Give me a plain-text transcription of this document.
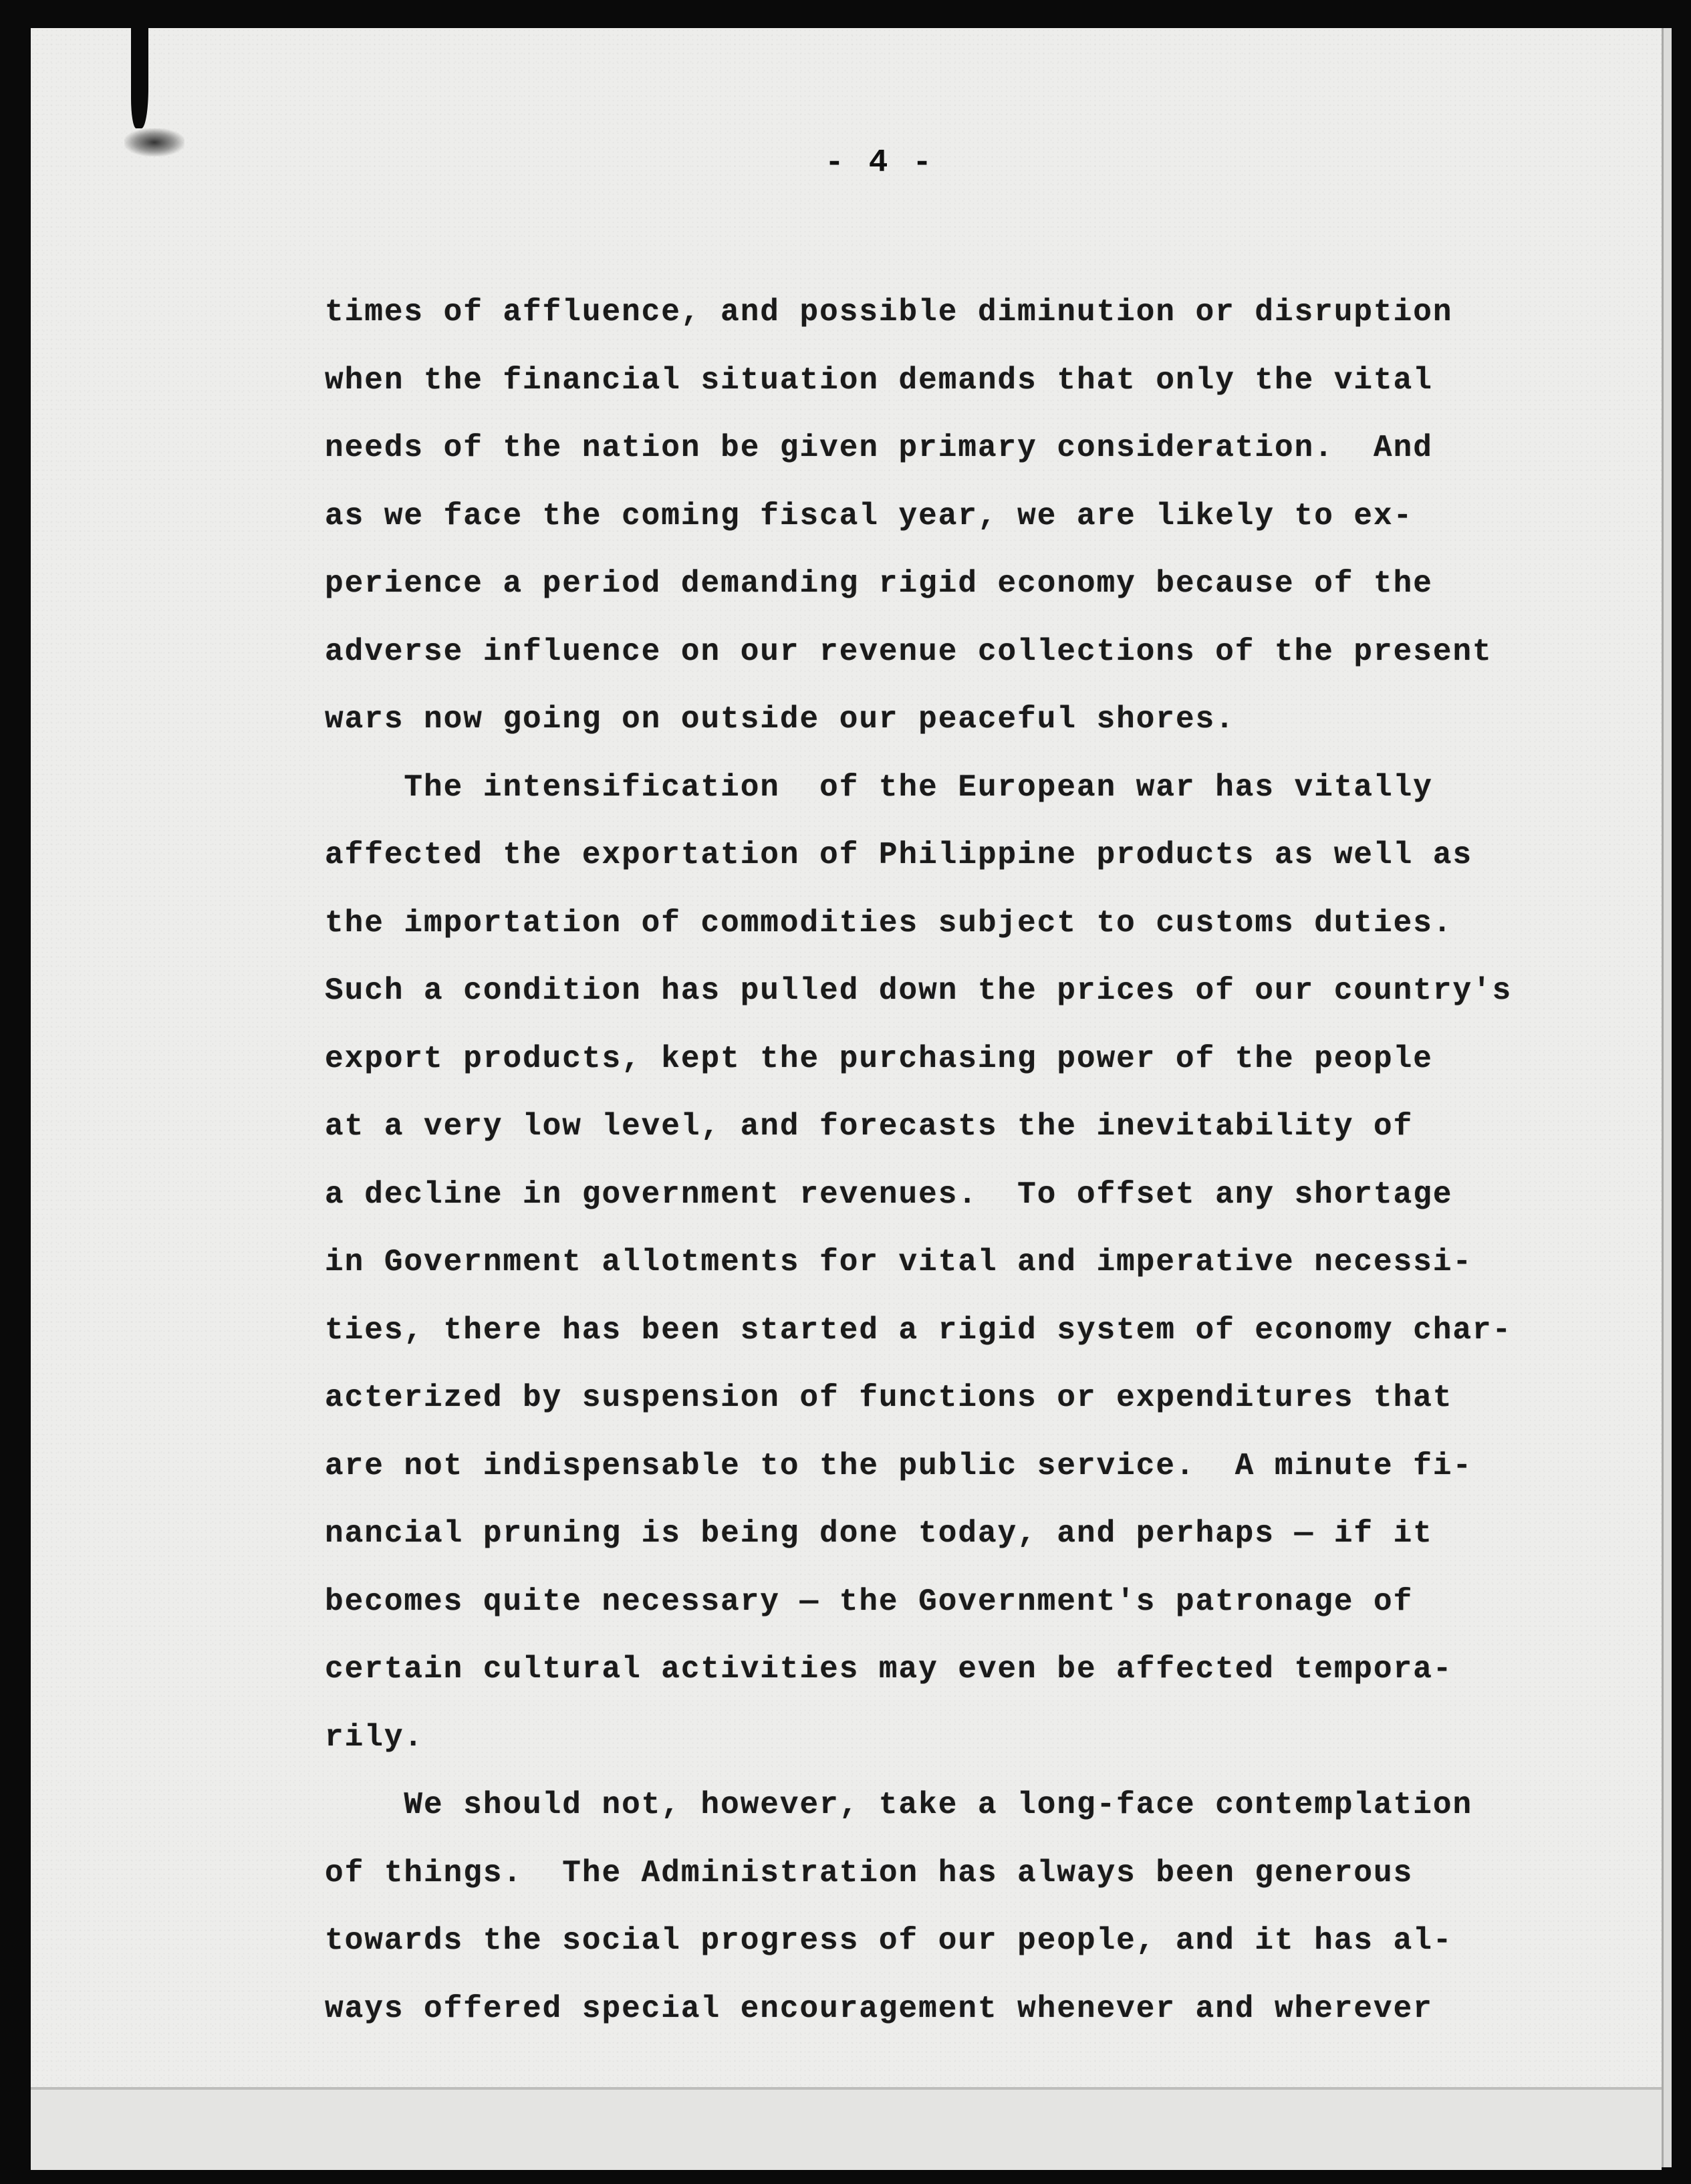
- 4 -
times of affluence, and possible diminution or disruption
when the financial situation demands that only the vital
needs of the nation be given primary consideration.  And
as we face the coming fiscal year, we are likely to ex-
perience a period demanding rigid economy because of the
adverse influence on our revenue collections of the present
wars now going on outside our peaceful shores.
The intensification  of the European war has vitally
affected the exportation of Philippine products as well as
the importation of commodities subject to customs duties.
Such a condition has pulled down the prices of our country's
export products, kept the purchasing power of the people
at a very low level, and forecasts the inevitability of
a decline in government revenues.  To offset any shortage
in Government allotments for vital and imperative necessi-
ties, there has been started a rigid system of economy char-
acterized by suspension of functions or expenditures that
are not indispensable to the public service.  A minute fi-
nancial pruning is being done today, and perhaps — if it
becomes quite necessary — the Government's patronage of
certain cultural activities may even be affected tempora-
rily.
We should not, however, take a long-face contemplation
of things.  The Administration has always been generous
towards the social progress of our people, and it has al-
ways offered special encouragement whenever and wherever
